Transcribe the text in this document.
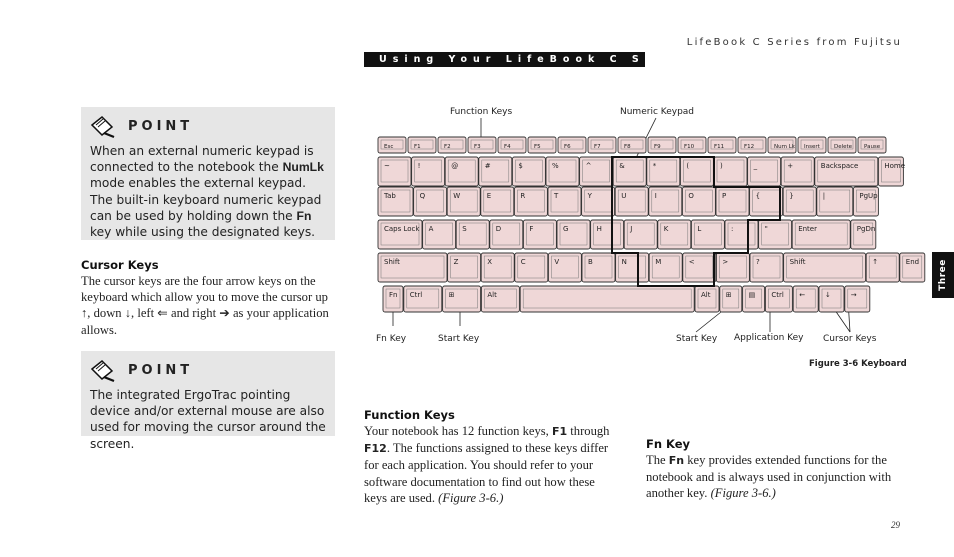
LifeBook C Series from Fujitsu
Using Your LifeBook C Series
POINT
When an external numeric keypad is connected to the notebook the NumLk mode enables the external keypad. The built-in keyboard numeric keypad can be used by holding down the Fn key while using the designated keys.
Cursor Keys
The cursor keys are the four arrow keys on the keyboard which allow you to move the cursor up ↑, down ↓, left ⇐ and right ➔ as your application allows.
POINT
The integrated ErgoTrac pointing device and/or external mouse are also used for moving the cursor around the screen.
Function Keys	Numeric Keypad
Fn Key	Start Key	Start Key Application Key Cursor Keys
Figure 3-6 Keyboard
Esc	F1	F2	F3	F4	F5	F6	F7	F8	F9	F10	F11	F12	Num Lk Insert	Delete Pause
~	!	@	#	$	%	^	&	*	(	)	_	+	Backspace	Home
Tab	Q	W	E	R	T	Y	U	I	O	P	{	}	|	PgUp
Caps Lock A	S	D	F	G	H	J	K	L	:	"	Enter	PgDn
Shift	Z	X	C	V	B	N	M	<	>	?	Shift	↑	End
Fn Ctrl	⊞	Alt	Alt ⊞ ▤ Ctrl ←	↓	→
Function Keys
Your notebook has 12 function keys, F1 through F12. The functions assigned to these keys differ for each application. You should refer to your software documentation to find out how these keys are used. (Figure 3-6.)
Fn Key
The Fn key provides extended functions for the notebook and is always used in conjunction with another key. (Figure 3-6.)
Three
29
